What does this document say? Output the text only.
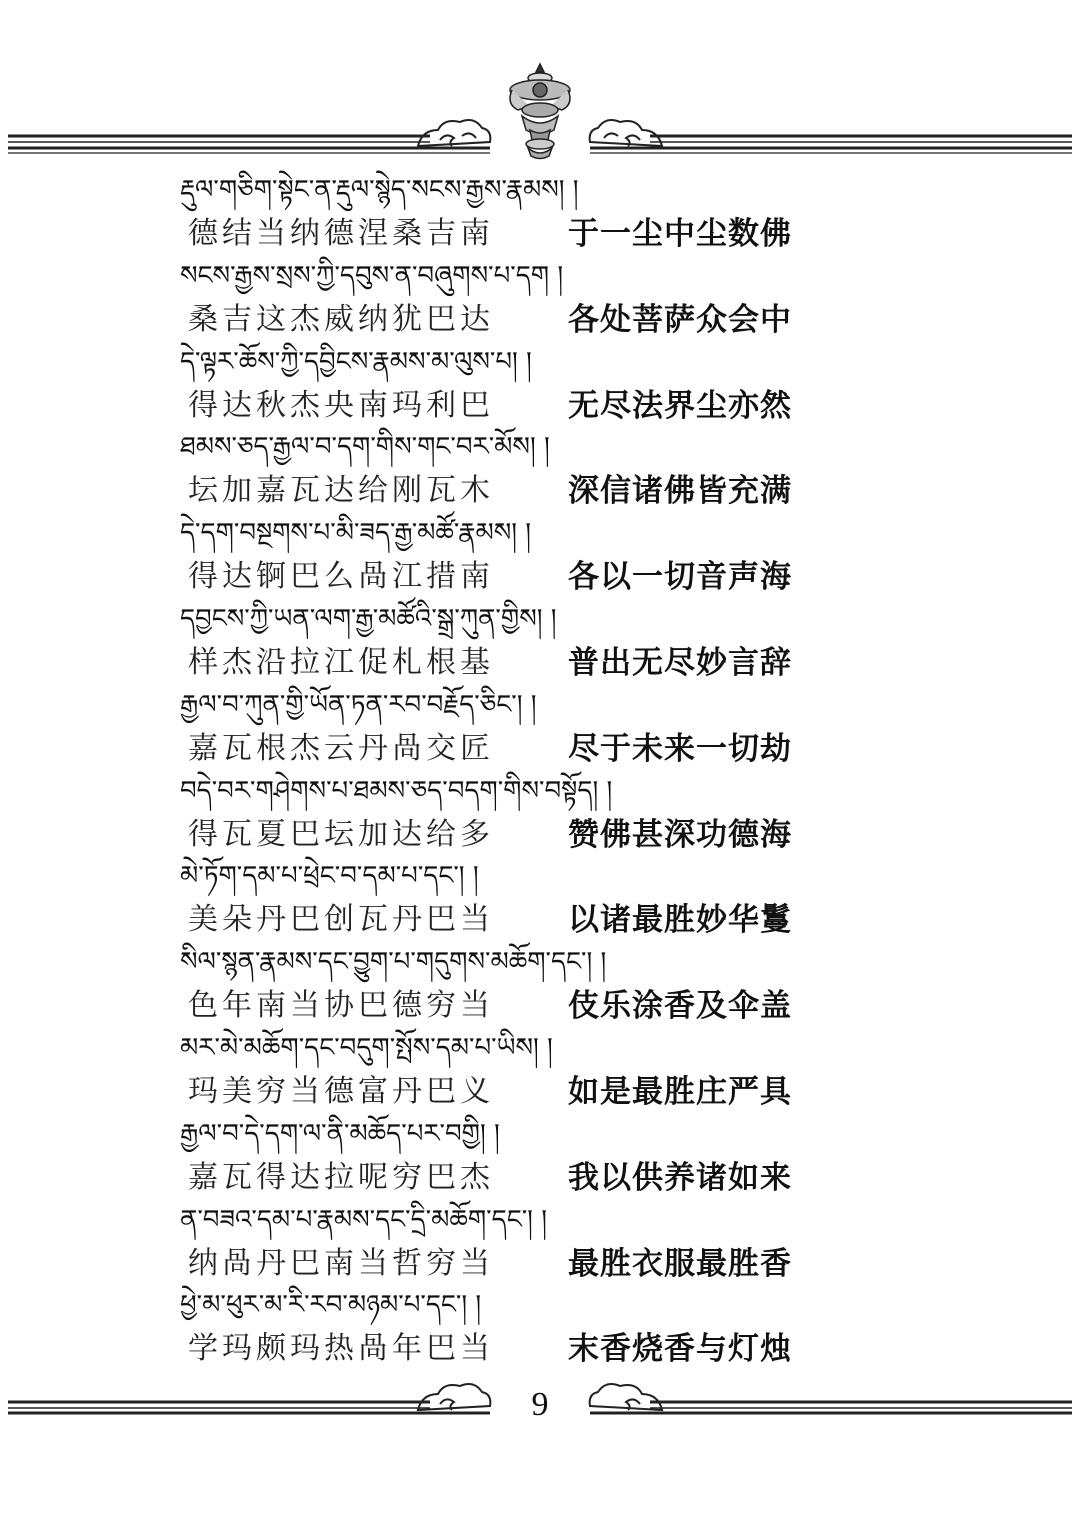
རྡུལ་གཅིག་སྟེང་ན་རྡུལ་སྙེད་སངས་རྒྱས་རྣམས། །
德结当纳德涅桑吉南 于一尘中尘数佛
སངས་རྒྱས་སྲས་ཀྱི་དབུས་ན་བཞུགས་པ་དག །
桑吉这杰威纳犹巴达 各处菩萨众会中
དེ་ལྟར་ཆོས་ཀྱི་དབྱིངས་རྣམས་མ་ལུས་པ། །
得达秋杰央南玛利巴 无尽法界尘亦然
ཐམས་ཅད་རྒྱལ་བ་དག་གིས་གང་བར་མོས། །
坛加嘉瓦达给刚瓦木 深信诸佛皆充满
དེ་དག་བསྔགས་པ་མི་ཟད་རྒྱ་མཚོ་རྣམས། །
得达锕巴么咼江措南 各以一切音声海
དབྱངས་ཀྱི་ཡན་ལག་རྒྱ་མཚོའི་སྒྲ་ཀུན་གྱིས། །
样杰沿拉江促札根基 普出无尽妙言辞
རྒྱལ་བ་ཀུན་གྱི་ཡོན་ཏན་རབ་བརྗོད་ཅིང་། །
嘉瓦根杰云丹咼交匠 尽于未来一切劫
བདེ་བར་གཤེགས་པ་ཐམས་ཅད་བདག་གིས་བསྟོད། །
得瓦夏巴坛加达给多 赞佛甚深功德海
མེ་ཏོག་དམ་པ་ཕྲེང་བ་དམ་པ་དང་། །
美朵丹巴创瓦丹巴当 以诸最胜妙华鬘
སིལ་སྙན་རྣམས་དང་བྱུག་པ་གདུགས་མཆོག་དང་། །
色年南当协巴德穷当 伎乐涂香及伞盖
མར་མེ་མཆོག་དང་བདུག་སྤོས་དམ་པ་ཡིས། །
玛美穷当德富丹巴义 如是最胜庄严具
རྒྱལ་བ་དེ་དག་ལ་ནི་མཆོད་པར་བགྱི། །
嘉瓦得达拉呢穷巴杰 我以供养诸如来
ན་བཟའ་དམ་པ་རྣམས་དང་དྲི་མཆོག་དང་། །
纳咼丹巴南当哲穷当 最胜衣服最胜香
ཕྱེ་མ་ཕུར་མ་རི་རབ་མཉམ་པ་དང་། །
学玛颇玛热咼年巴当 末香烧香与灯烛
9
